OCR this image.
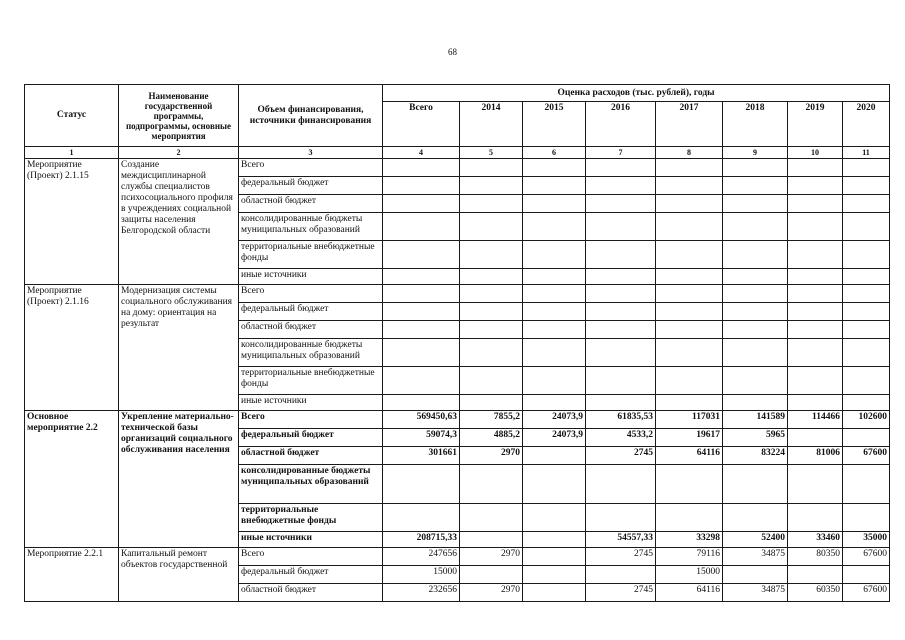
68
Статус	Наименование государственной программы, подпрограммы, основные мероприятия	Объем финансирования, источники финансирования	Оценка расходов (тыс. рублей), годы							
			Всего	2014	2015	2016	2017	2018	2019	2020
1	2	3	4	5	6	7	8	9	10	11
Мероприятие (Проект) 2.1.15	Создание междисциплинарной службы специалистов психосоциального профиля в учреждениях социальной защиты населения Белгородской области	Всего								
		федеральный бюджет								
		областной бюджет								
		консолидированные бюджеты муниципальных образований								
		территориальные внебюджетные фонды								
		иные источники								
Мероприятие (Проект) 2.1.16	Модернизация системы социального обслуживания на дому: ориентация на результат	Всего								
		федеральный бюджет								
		областной бюджет								
		консолидированные бюджеты муниципальных образований								
		территориальные внебюджетные фонды								
		иные источники								
Основное мероприятие 2.2	Укрепление материально-технической базы организаций социального обслуживания населения	Всего	569450,63	7855,2	24073,9	61835,53	117031	141589	114466	102600
		федеральный бюджет	59074,3	4885,2	24073,9	4533,2	19617	5965		
		областной бюджет	301661	2970		2745	64116	83224	81006	67600
		консолидированные бюджеты муниципальных образований								
		территориальные внебюджетные фонды								
		иные источники	208715,33			54557,33	33298	52400	33460	35000
Мероприятие 2.2.1	Капитальный ремонт объектов государственной	Всего	247656	2970		2745	79116	34875	80350	67600
		федеральный бюджет	15000				15000			
		областной бюджет	232656	2970		2745	64116	34875	60350	67600
